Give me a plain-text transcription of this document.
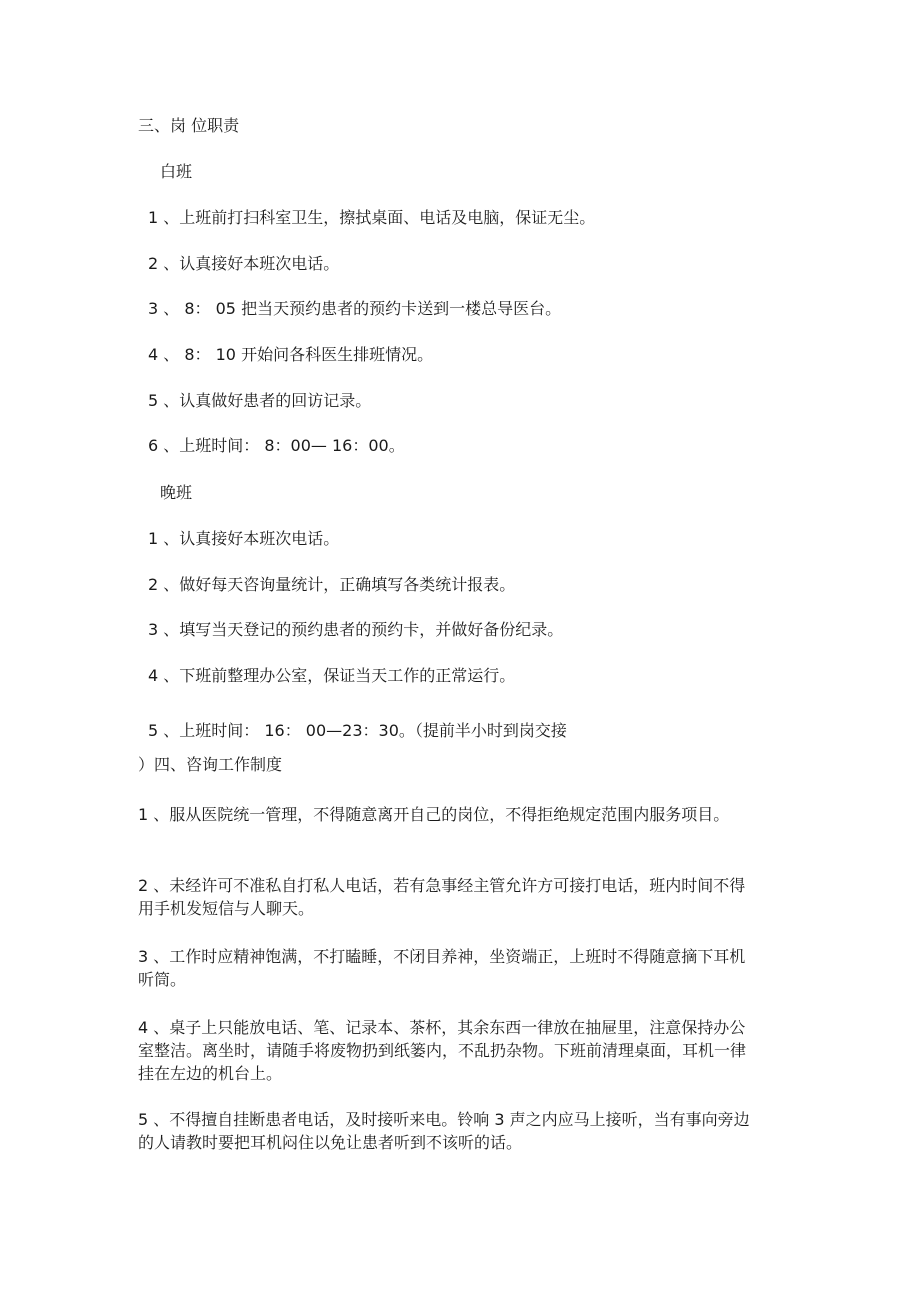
三、岗 位职责
白班
1 、上班前打扫科室卫生，擦拭桌面、电话及电脑，保证无尘。
2 、认真接好本班次电话。
3 、 8： 05 把当天预约患者的预约卡送到一楼总导医台。
4 、 8： 10 开始问各科医生排班情况。
5 、认真做好患者的回访记录。
6 、上班时间： 8：00— 16：00。
晚班
1 、认真接好本班次电话。
2 、做好每天咨询量统计，正确填写各类统计报表。
3 、填写当天登记的预约患者的预约卡，并做好备份纪录。
4 、下班前整理办公室，保证当天工作的正常运行。
5 、上班时间： 16： 00—23：30。（提前半小时到岗交接
）四、咨询工作制度
1 、服从医院统一管理，不得随意离开自己的岗位，不得拒绝规定范围内服务项目。
2 、未经许可不准私自打私人电话，若有急事经主管允许方可接打电话，班内时间不得用手机发短信与人聊天。
3 、工作时应精神饱满，不打瞌睡，不闭目养神，坐资端正，上班时不得随意摘下耳机听筒。
4 、桌子上只能放电话、笔、记录本、茶杯，其余东西一律放在抽屉里，注意保持办公室整洁。离坐时，请随手将废物扔到纸篓内，不乱扔杂物。下班前清理桌面，耳机一律挂在左边的机台上。
5 、不得擅自挂断患者电话，及时接听来电。铃响 3 声之内应马上接听，当有事向旁边的人请教时要把耳机闷住以免让患者听到不该听的话。
